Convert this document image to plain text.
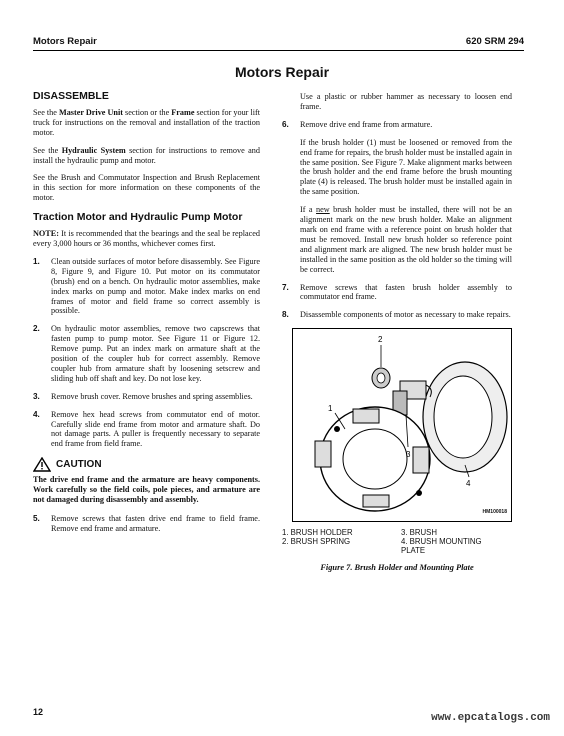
Motors Repair	620 SRM 294
Motors Repair
DISASSEMBLE

See the Master Drive Unit section or the Frame section for your lift truck for instructions on the removal and installation of the traction motor.

See the Hydraulic System section for instructions to remove and install the hydraulic pump and motor.

See the Brush and Commutator Inspection and Brush Replacement in this section for more information on these components of the motor.

Traction Motor and Hydraulic Pump Motor

NOTE: It is recommended that the bearings and the seal be replaced every 3,000 hours or 36 months, whichever comes first.

1.	Clean outside surfaces of motor before disassembly. See Figure 8, Figure 9, and Figure 10. Put motor on its commutator (brush) end on a bench. On hydraulic motor assemblies, make index marks on pump and motor. Make index marks on end frames of motor and field frame so correct assembly is possible.
2.	On hydraulic motor assemblies, remove two capscrews that fasten pump to pump motor. See Figure 11 or Figure 12. Remove pump. Put an index mark on armature shaft at the position of the coupler hub for correct assembly. Remove coupler hub from armature shaft by loosening setscrew and sliding hub off shaft and key. Do not lose key.
3.	Remove brush cover. Remove brushes and spring assemblies.
4.	Remove hex head screws from commutator end of motor. Carefully slide end frame from motor and armature shaft. Do not damage parts. A puller is frequently necessary to separate end frame from field frame.
CAUTION

The drive end frame and the armature are heavy components. Work carefully so the field coils, pole pieces, and armature are not damaged during disassembly and assembly.

5.	Remove screws that fasten drive end frame to field frame. Remove end frame and armature.

Use a plastic or rubber hammer as necessary to loosen end frame.

6.	Remove drive end frame from armature.

If the brush holder (1) must be loosened or removed from the end frame for repairs, the brush holder must be installed again in the same position. See Figure 7. Make alignment marks between the brush holder and the end frame before the brush mounting plate (4) is released. The brush holder must be installed again in the same position.

If a new brush holder must be installed, there will not be an alignment mark on the new brush holder. Make an alignment mark on end frame with a reference point on brush holder that must be removed. Install new brush holder so reference point and alignment mark are aligned. The new brush holder must be installed in the same position as the old holder so the timing will be correct.

7.	Remove screws that fasten brush holder assembly to commutator end frame.
8.	Disassemble components of motor as necessary to make repairs.
1
2
3
4
HM100018
1. BRUSH HOLDER	3. BRUSH
2. BRUSH SPRING	4. BRUSH MOUNTING
PLATE
Figure 7. Brush Holder and Mounting Plate
12	www.epcatalogs.com
